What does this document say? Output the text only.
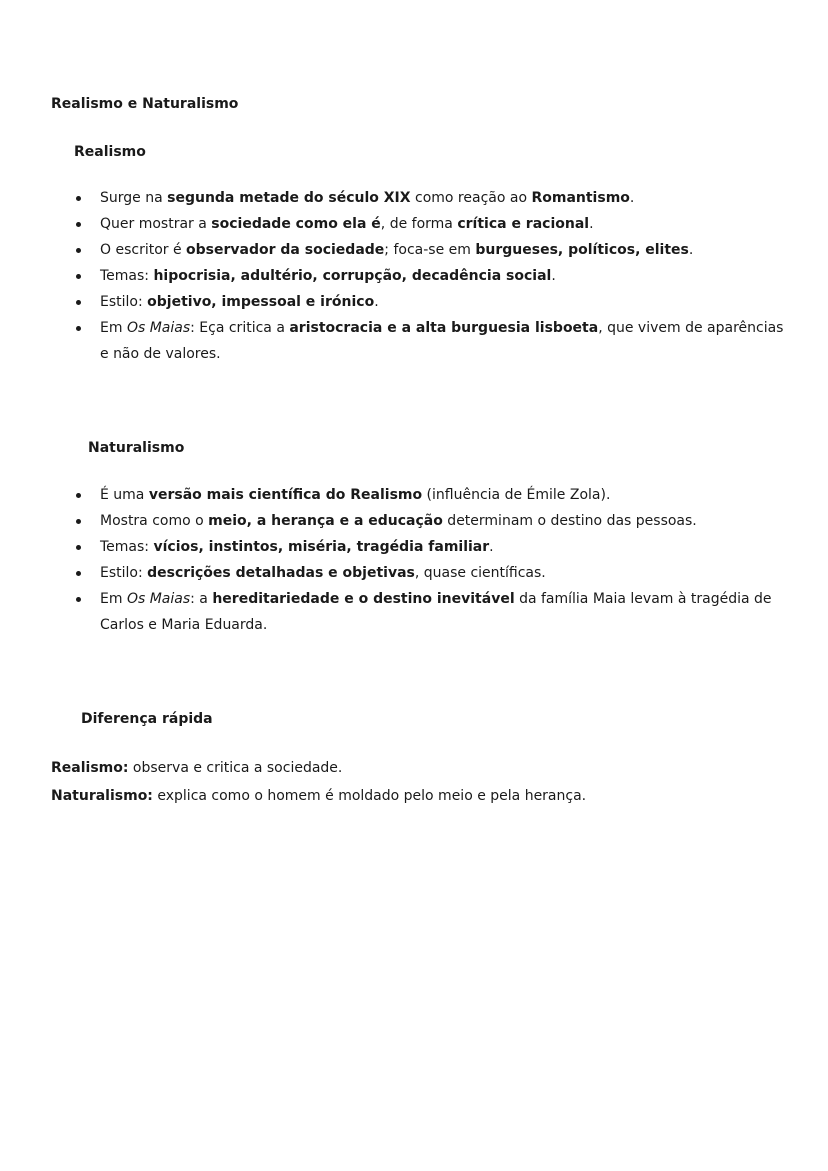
Realismo e Naturalismo
Realismo
Surge na segunda metade do século XIX como reação ao Romantismo.
Quer mostrar a sociedade como ela é, de forma crítica e racional.
O escritor é observador da sociedade; foca-se em burgueses, políticos, elites.
Temas: hipocrisia, adultério, corrupção, decadência social.
Estilo: objetivo, impessoal e irónico.
Em Os Maias: Eça critica a aristocracia e a alta burguesia lisboeta, que vivem de aparências e não de valores.
Naturalismo
É uma versão mais científica do Realismo (influência de Émile Zola).
Mostra como o meio, a herança e a educação determinam o destino das pessoas.
Temas: vícios, instintos, miséria, tragédia familiar.
Estilo: descrições detalhadas e objetivas, quase científicas.
Em Os Maias: a hereditariedade e o destino inevitável da família Maia levam à tragédia de Carlos e Maria Eduarda.
Diferença rápida
Realismo: observa e critica a sociedade.
Naturalismo: explica como o homem é moldado pelo meio e pela herança.
